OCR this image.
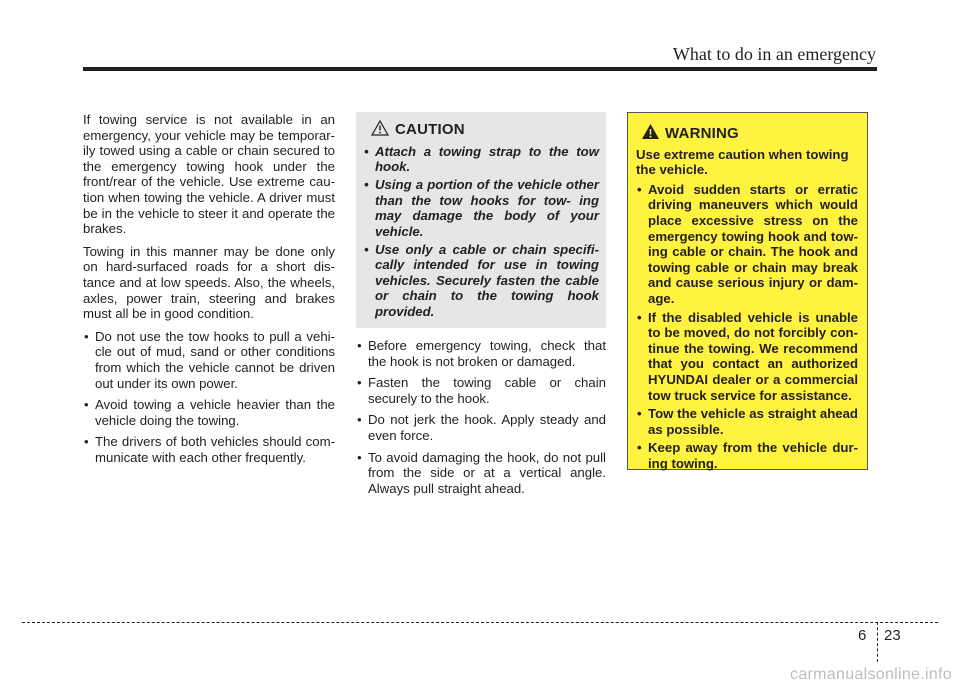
What to do in an emergency

If towing service is not available in an emergency, your vehicle may be temporar- ily towed using a cable or chain secured to the emergency towing hook under the front/rear of the vehicle. Use extreme cau- tion when towing the vehicle. A driver must be in the vehicle to steer it and operate the brakes.

Towing in this manner may be done only on hard-surfaced roads for a short dis- tance and at low speeds. Also, the wheels, axles, power train, steering and brakes must all be in good condition.

• Do not use the tow hooks to pull a vehi- cle out of mud, sand or other conditions from which the vehicle cannot be driven out under its own power.
• Avoid towing a vehicle heavier than the vehicle doing the towing.
• The drivers of both vehicles should com- municate with each other frequently.
CAUTION
• Attach a towing strap to the tow hook.
• Using a portion of the vehicle other than the tow hooks for tow- ing may damage the body of your vehicle.
• Use only a cable or chain specifi- cally intended for use in towing vehicles. Securely fasten the cable or chain to the towing hook provided.
• Before emergency towing, check that the hook is not broken or damaged.
• Fasten the towing cable or chain securely to the hook.
• Do not jerk the hook. Apply steady and even force.
• To avoid damaging the hook, do not pull from the side or at a vertical angle. Always pull straight ahead.
WARNING

Use extreme caution when towing the vehicle.

• Avoid sudden starts or erratic driving maneuvers which would place excessive stress on the emergency towing hook and tow- ing cable or chain. The hook and towing cable or chain may break and cause serious injury or dam- age.
• If the disabled vehicle is unable to be moved, do not forcibly con- tinue the towing. We recommend that you contact an authorized HYUNDAI dealer or a commercial tow truck service for assistance.
• Tow the vehicle as straight ahead as possible.
• Keep away from the vehicle dur- ing towing.
6 23
carmanualsonline.info
